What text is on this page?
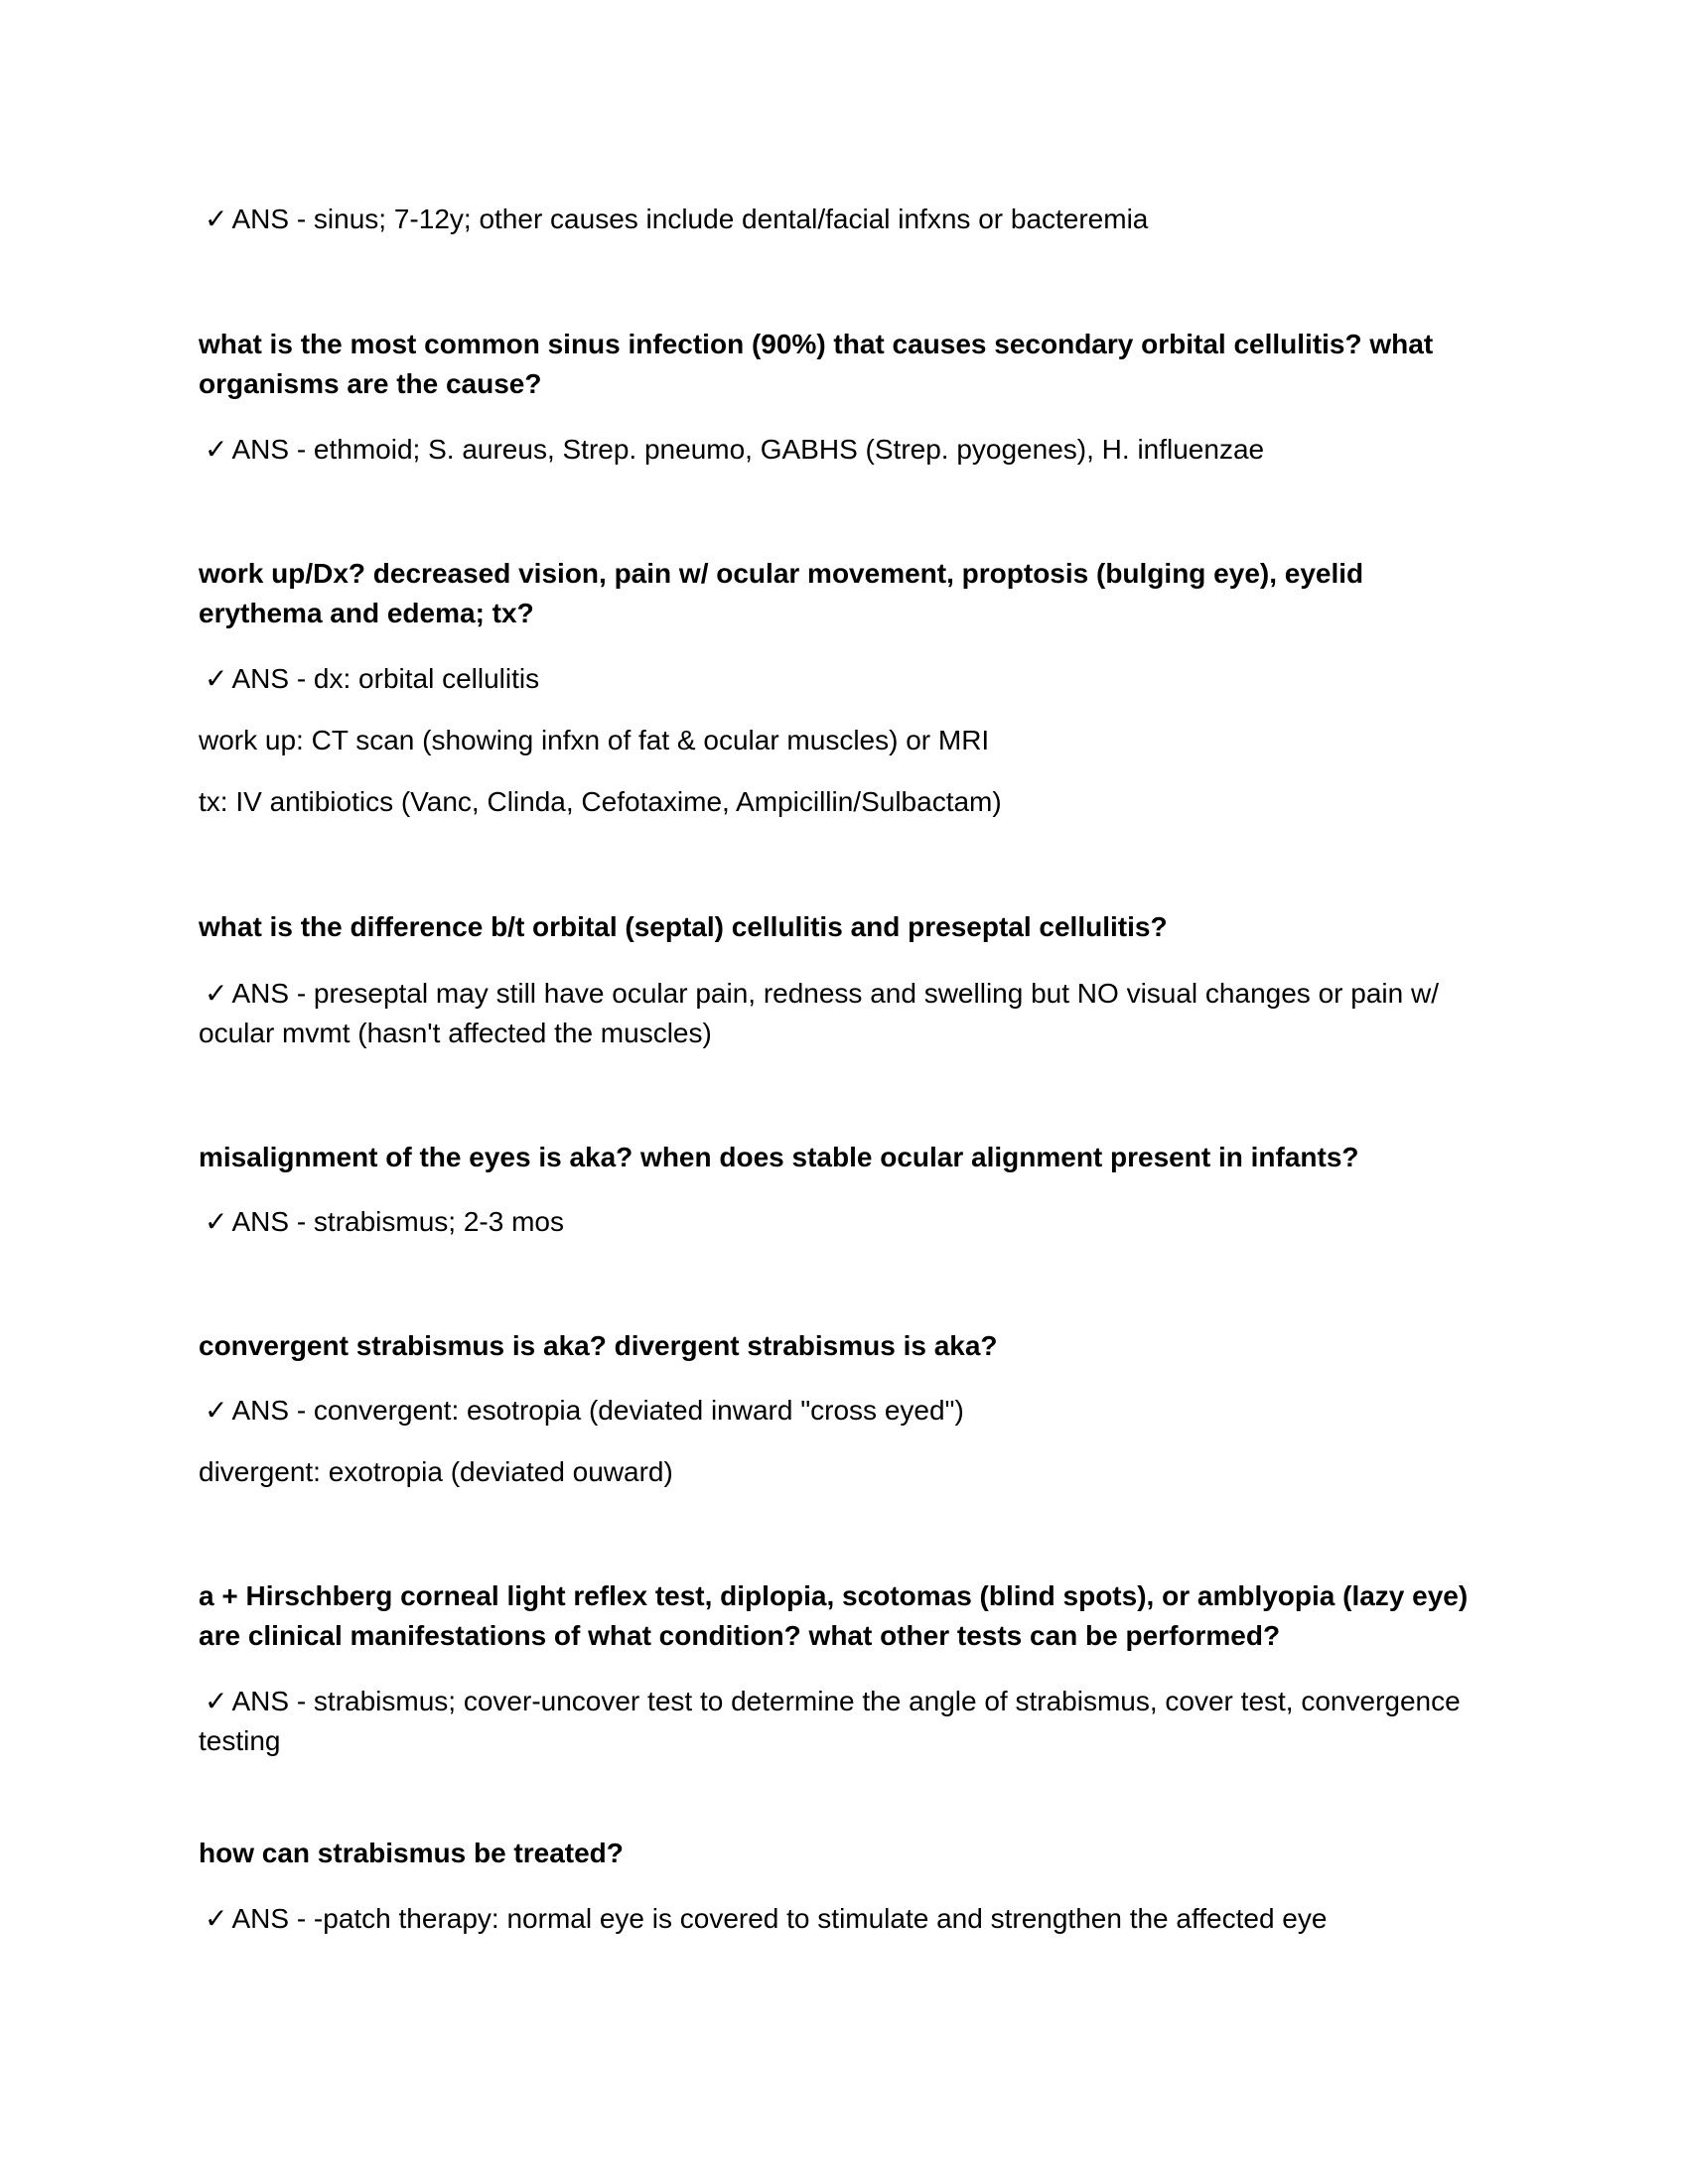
✓ ANS - sinus; 7-12y; other causes include dental/facial infxns or bacteremia

what is the most common sinus infection (90%) that causes secondary orbital cellulitis? what organisms are the cause?

✓ ANS - ethmoid; S. aureus, Strep. pneumo, GABHS (Strep. pyogenes), H. influenzae

work up/Dx? decreased vision, pain w/ ocular movement, proptosis (bulging eye), eyelid erythema and edema; tx?

✓ ANS - dx: orbital cellulitis

work up: CT scan (showing infxn of fat & ocular muscles) or MRI

tx: IV antibiotics (Vanc, Clinda, Cefotaxime, Ampicillin/Sulbactam)

what is the difference b/t orbital (septal) cellulitis and preseptal cellulitis?

✓ ANS - preseptal may still have ocular pain, redness and swelling but NO visual changes or pain w/ ocular mvmt (hasn't affected the muscles)

misalignment of the eyes is aka? when does stable ocular alignment present in infants?

✓ ANS - strabismus; 2-3 mos

convergent strabismus is aka? divergent strabismus is aka?

✓ ANS - convergent: esotropia (deviated inward "cross eyed")

divergent: exotropia (deviated ouward)

a + Hirschberg corneal light reflex test, diplopia, scotomas (blind spots), or amblyopia (lazy eye) are clinical manifestations of what condition? what other tests can be performed?

✓ ANS - strabismus; cover-uncover test to determine the angle of strabismus, cover test, convergence testing

how can strabismus be treated?

✓ ANS - -patch therapy: normal eye is covered to stimulate and strengthen the affected eye
